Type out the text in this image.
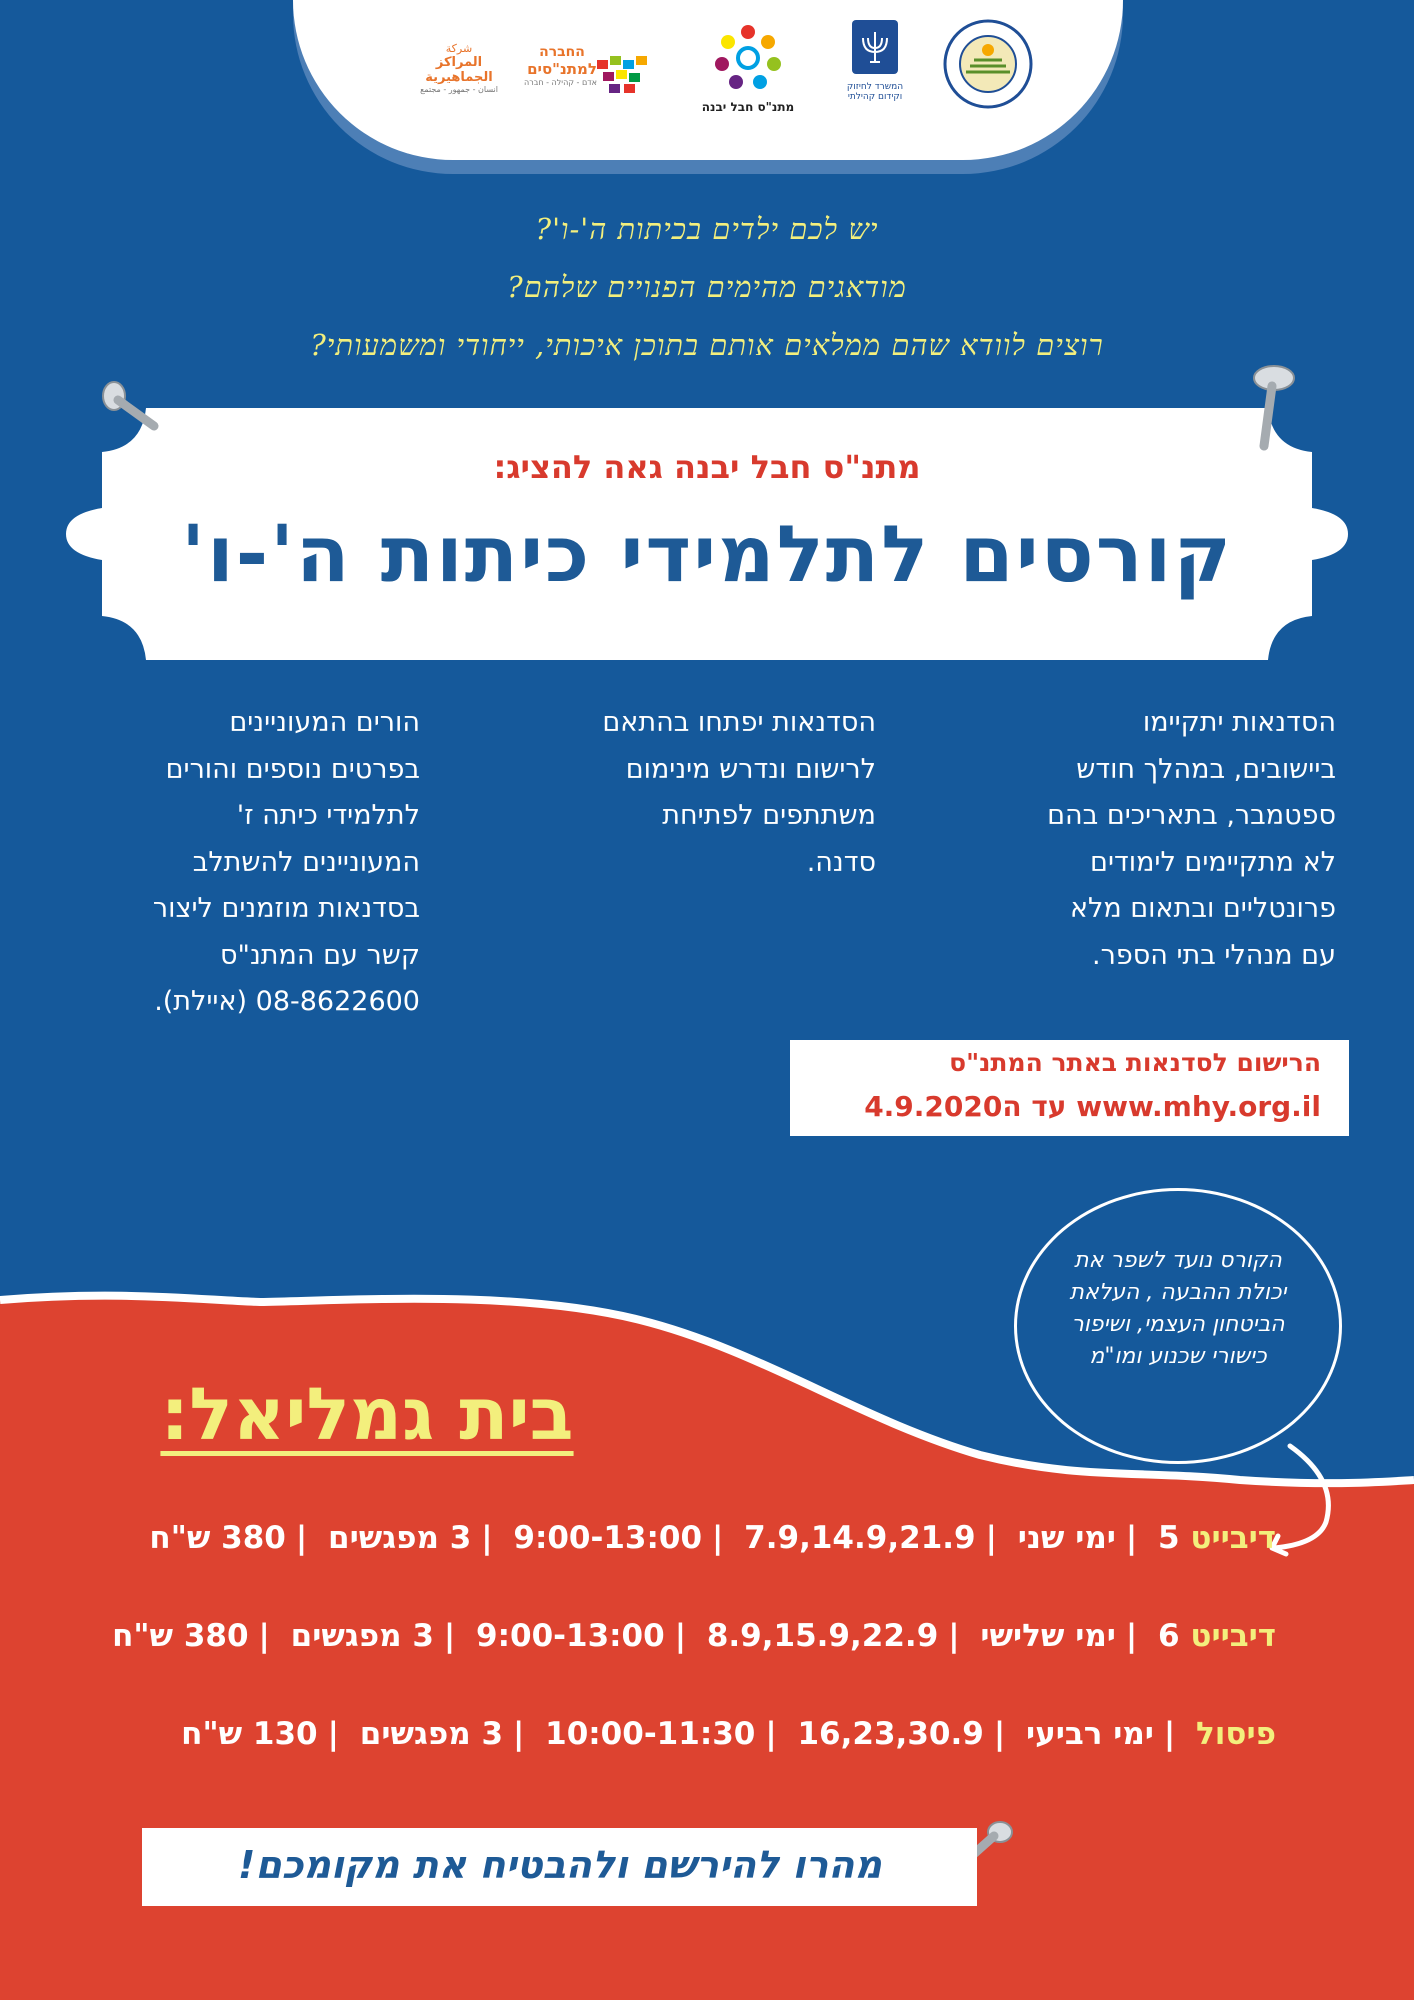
شركة
المراكز الجماهيرية
انسان - جمهور - مجتمع
החברה
למתנ"סים
אדם - קהילה - חברה
מתנ"ס חבל יבנה
המשרד לחיזוק
וקידום קהילתי
יש לכם ילדים בכיתות ה'-ו'?
מודאגים מהימים הפנויים שלהם?
רוצים לוודא שהם ממלאים אותם בתוכן איכותי, ייחודי ומשמעותי?
מתנ"ס חבל יבנה גאה להציג:
קורסים לתלמידי כיתות ה'-ו'
הסדנאות יתקיימו
ביישובים, במהלך חודש
ספטמבר, בתאריכים בהם
לא מתקיימים לימודים
פרונטליים ובתאום מלא
עם מנהלי בתי הספר.
הסדנאות יפתחו בהתאם
לרישום ונדרש מינימום
משתתפים לפתיחת
סדנה.
הורים המעוניינים
בפרטים נוספים והורים
לתלמידי כיתה ז'
המעוניינים להשתלב
בסדנאות מוזמנים ליצור
קשר עם המתנ"ס
08-8622600 (איילת).
הרישום לסדנאות באתר המתנ"ס
www.mhy.org.il עד ה4.9.2020
הקורס נועד לשפר את
יכולת ההבעה , העלאת
הביטחון העצמי, ושיפור
כישורי שכנוע ומו"מ
בית גמליאל:
דיבייט 5 |ימי שני |7.9,14.9,21.9 |9:00-13:00 |3 מפגשים |380 ש"ח
דיבייט 6 |ימי שלישי |8.9,15.9,22.9 |9:00-13:00 |3 מפגשים |380 ש"ח
פיסול |ימי רביעי |16,23,30.9 |10:00-11:30 |3 מפגשים |130 ש"ח
מהרו להירשם ולהבטיח את מקומכם!
